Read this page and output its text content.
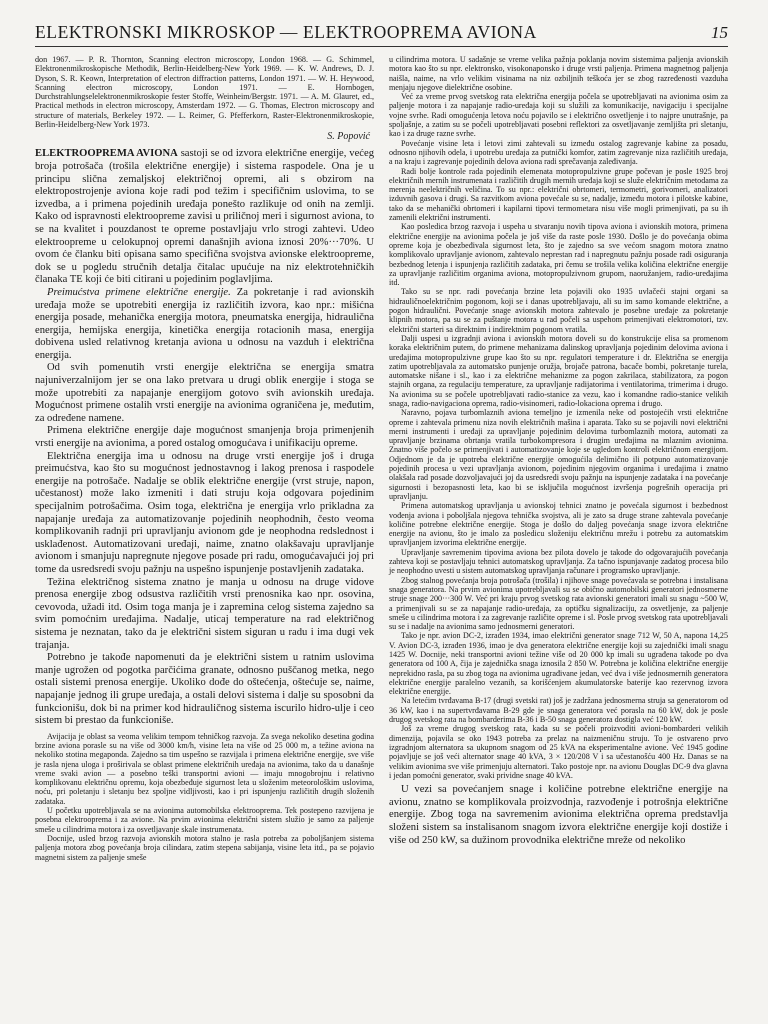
ELEKTRONSKI MIKROSKOP — ELEKTROOPREMA AVIONA	15

don 1967. — P. R. Thornton, Scanning electron microscopy, London 1968. — G. Schimmel, Elektronenmikroskopische Methodik, Berlin-Heidelberg-New York 1969. — K. W. Andrews, D. J. Dyson, S. R. Keown, Interpretation of electron diffraction patterns, London 1971. — W. H. Heywood, Scanning electron microscopy, London 1971. — E. Hornbogen, Durchstrahlungselelektronenmikroskopie fester Stoffe, Weinheim/Bergstr. 1971. — A. M. Glauret, ed., Practical methods in electron microscopy, Amsterdam 1972. — G. Thomas, Electron microscopy and structure of materials, Berkeley 1972. — L. Reimer, G. Pfefferkorn, Raster-Elektronenmikroskopie, Berlin-Heidelberg-New York 1973.

S. Popović

ELEKTROOPREMA AVIONA sastoji se od izvora električne energije, većeg broja potrošača (trošila električne energije) i sistema raspodele. Ona je u principu slična zemaljskoj električnoj opremi, ali s obzirom na elektropostrojenje aviona koje radi pod težim i specifičnim uslovima, to se izvedba, a i primena pojedinih uređaja ponešto razlikuje od onih na zemlji. Kako od ispravnosti elektroopreme zavisi u priličnoj meri i sigurnost aviona, to se na kvalitet i pouzdanost te opreme postavljaju vrlo strogi zahtevi. Udeo elektroopreme u celokupnoj opremi današnjih aviona iznosi 20%···70%. U ovom će članku biti opisana samo specifična svojstva avionske elektroopreme, dok se u pogledu stručnih detalja čitalac upućuje na niz elektrotehničkih članaka TE koji će biti citirani u pojedinim poglavljima.

Preimućstva primene električne energije. Za pokretanje i rad avionskih uređaja može se upotrebiti energija iz različitih izvora, kao npr.: mišićna energija posade, mehanička energija motora, pneumatska energija, hidraulična energija, hemijska energija, kinetička energija rotacionih masa, energija dobivena usled relativnog kretanja aviona u odnosu na vazduh i električna energija.

Od svih pomenutih vrsti energije električna se energija smatra najuniverzalnijom jer se ona lako pretvara u drugi oblik energije i stoga se može upotrebiti za napajanje energijom gotovo svih avionskih uređaja. Mogućnost primene ostalih vrsti energije na avionima ograničena je, međutim, za određene namene.

Primena električne energije daje mogućnost smanjenja broja primenjenih vrsti energije na avionima, a pored ostalog omogućava i unifikaciju opreme.

Električna energija ima u odnosu na druge vrsti energije još i druga preimućstva, kao što su mogućnost jednostavnog i lakog prenosa i raspodele energije na potrošače. Nadalje se oblik električne energije (vrst struje, napon, učestanost) može lako izmeniti i dati struju koja odgovara pojedinim specijalnim potrošačima. Osim toga, električna je energija vrlo prikladna za napajanje uređaja za automatizovanje pojedinih neophodnih, često veoma komplikovanih radnji pri upravljanju avionom gde je neophodna redslednost i usklađenost. Automatizovani uređaji, naime, znatno olakšavaju upravljanje avionom i smanjuju napregnute njegove posade pri radu, omogućavajući joj pri tome da usredsredi svoju pažnju na uspešno ispunjenje postavljenih zadataka.

Težina električnog sistema znatno je manja u odnosu na druge vidove prenosa energije zbog odsustva različitih vrsti prenosnika kao npr. osovina, cevovoda, užadi itd. Osim toga manja je i zapremina celog sistema zajedno sa svim pomoćnim uređajima. Nadalje, uticaj temperature na rad električnog sistema je neznatan, tako da je električni sistem siguran u radu i ima dugi vek trajanja.

Potrebno je takođe napomenuti da je električni sistem u ratnim uslovima manje ugrožen od pogotka parčićima granate, odnosno puščanog metka, nego ostali sistemi prenosa energije. Ukoliko dođe do oštećenja, oštećuje se, naime, napajanje jednog ili grupe uređaja, a ostali delovi sistema i dalje su sposobni da funkcionišu, dok bi na primer kod hidrauličnog sistema iscurilo hidro-ulje i ceo sistem bi prestao da funkcioniše.

Avijacija je oblast sa veoma velikim tempom tehničkog razvoja. Za svega nekoliko desetina godina brzine aviona porasle su na više od 3000 km/h, visine leta na više od 25 000 m, a težine aviona na nekoliko stotina megaponda. Zajedno sa tim uspešno se razvijala i primena električne energije, sve više je rasla njena uloga i proširivala se oblast primene električnih uređaja na avionima, tako da u današnje vreme svaki avion — a posebno teški transportni avioni — imaju mnogobrojnu i relativno komplikovanu električnu opremu, koja obezbeđuje sigurnost leta u složenim meteorološkim uslovima, noću, pri poletanju i sletanju bez spoljne vidljivosti, kao i pri ispunjenju različitih drugih složenih zadataka.

U početku upotrebljavala se na avionima automobilska elektrooprema. Tek postepeno razvijena je posebna elektrooprema i za avione. Na prvim avionima električni sistem služio je samo za paljenje smeše u cilindrima motora i za osvetljavanje skale instrumenata.

Docnije, usled brzog razvoja avionskih motora stalno je rasla potreba za poboljšanjem sistema paljenja motora zbog povećanja broja cilindara, zatim stepena sabijanja, visine leta itd., pa se pojavio magnetni sistem za paljenje smeše

u cilindrima motora. U sadašnje se vreme velika pažnja poklanja novim sistemima paljenja avionskih motora kao što su npr. elektronsko, visokonaponsko i druge vrsti paljenja. Primena magnetnog paljenja naišla, naime, na vrlo velikim visinama na niz ozbiljnih teškoća jer se zbog razređenosti vazduha menjaju njegove dielektrične osobine.

Već za vreme prvog svetskog rata električna energija počela se upotrebljavati na avionima osim za paljenje motora i za napajanje radio-uređaja koji su služili za komunikacije, navigaciju i specijalne vojne svrhe. Radi omogućenja letova noću pojavilo se i električno osvetljenje i to najpre unutrašnje, pa spoljašnje, a zatim su se počeli upotrebljavati posebni reflektori za osvetljavanje zemljišta pri sletanju, kao i za druge razne svrhe.

Povećanje visine leta i letovi zimi zahtevali su između ostalog zagrevanje kabine za posadu, odnosno njihovih odela, i upotrebu uređaja za putnički komfor, zatim zagrevanje niza različitih uređaja, a na kraju i zagrevanje pojedinih delova aviona radi sprečavanja zaleđivanja.

Radi bolje kontrole rada pojedinih elemenata motopropulzivne grupe počevan je posle 1925 broj električnih mernih instrumenata i različitih drugih mernih uređaja koji se služe električnim metodama za merenja neelektričnih veličina. To su npr.: električni obrtomeri, termometri, gorivomeri, analizatori izduvnih gasova i drugi. Sa razvitkom aviona povećale su se, nadalje, između motora i pilotske kabine, tako da se mehanički obrtomeri i kapilarni tipovi termometara nisu više mogli primenjivati, pa su ih zamenili električni instrumenti.

Kao posledica brzog razvoja i uspeha u stvaranju novih tipova aviona i avionskih motora, primena električne energije na avionima počela je još više da raste posle 1930. Došlo je do povećanja obima opreme koja je obezbeđivala sigurnost leta, što je zajedno sa sve većom snagom motora znatno komplikovalo upravljanje avionom, zahtevalo neprestan rad i napregnutu pažnju posade radi osiguranja bezbednog letenja i ispunjenja različitih zadataka, pri čemu se trošila velika količina električne energije za upravljanje različitim organima aviona, motopropulzivnom grupom, naoružanjem, radio-uređajima itd.

Tako su se npr. radi povećanja brzine leta pojavili oko 1935 uvlačeći stajni organi sa hidrauličnoelektričnim pogonom, koji se i danas upotrebljavaju, ali su im samo komande električne, a pogon hidraulični. Povećanje snage avionskih motora zahtevalo je posebne uređaje za pokretanje klipnih motora, pa su se za puštanje motora u rad počeli sa uspehom primenjivati elektromotori, tzv. električni starteri sa direktnim i indirektnim pogonom vratila.

Dalji uspesi u izgradnji aviona i avionskih motora doveli su do konstrukcije elisa sa promenom koraka električnim putem, do primene mehanizama dalinskog upravljanja pojedinim delovima aviona i uređajima motopropulzivne grupe kao što su npr. regulatori temperature i dr. Električna se energija zatim upotrebljavala za automatsko punjenje oružja, brojače patrona, bacače bombi, pokretanje turela, automatske nišane i sl., kao i za električne mehanizme za pogon zakrilaca, stabilizatora, za pogon stajnih organa, za regulaciju temperature, za upravljanje radijatorima i ventilatorima, trimerima i drugo. Na avionima su se počele upotrebljavati radio-stanice za vezu, kao i komandne radio-stanice velikih snaga, radio-navigaciona oprema, radio-visinomeri, radio-lokaciona oprema i drugo.

Naravno, pojava turbomlaznih aviona temeljno je izmenila neke od postojećih vrsti električne opreme i zahtevala primenu niza novih električnih mašina i aparata. Tako su se pojavili novi električni merni instrumenti i uređaji za upravljanje pojedinim delovima turbomlaznih motora, automati za upravljanje brzinama obrtanja vratila turbokompresora i drugim uređajima na mlaznim avionima. Znatno više počelo se primenjivati i automatizovanje koje se ugledom kontroli električnom energijom. Odjednom je da je upotreba električne energije omogućila delimično ili potpuno automatizovanje pojedinih procesa u vezi upravljanja avionom, pojedinim njegovim organima i uređajima i znatno olakšala rad posade dozvoljavajući joj da usredsredi svoju pažnju na ispunjenje zadataka i na povećanje sigurnosti i bezopasnosti leta, kao bi se isključila mogućnost izvršenja pogrešnih operacija pri upravljanju.

Primena automatskog upravljanja u avionskoj tehnici znatno je povećala sigurnost i bezbednost vođenja aviona i poboljšala njegova tehnička svojstva, ali je zato sa druge strane zahtevala povećanje količine potrebne električne energije. Stoga je došlo do daljeg povećanja snage izvora električne energije na avionu, što je imalo za posledicu složeniju električnu mrežu i potrebu za automatskim upravljanjem izvorima električne energije.

Upravljanje savremenim tipovima aviona bez pilota dovelo je takođe do odgovarajućih povećanja zahteva koji se postavljaju tehnici automatskog upravljanja. Za tačno ispunjavanje zadatog procesa bilo je neophodno uvesti u sistem automatskog upravljanja računare i programsko upravljanje.

Zbog stalnog povećanja broja potrošača (trošila) i njihove snage povećavala se potrebna i instalisana snaga generatora. Na prvim avionima upotrebljavali su se obično automobilski generatori jednosmerne struje snage 200···300 W. Već pri kraju prvog svetskog rata avionski generatori imali su snagu ~500 W, a primenjivali su se za napajanje radio-uređaja, za optičku signalizaciju, za osvetljenje, za paljenje smeše u cilindrima motora i za zagrevanje različite opreme i sl. Posle prvog svetskog rata upotrebljavali su se i nadalje na avionima samo jednosmerni generatori.

Tako je npr. avion DC-2, izrađen 1934, imao električni generator snage 712 W, 50 A, napona 14,25 V. Avion DC-3, izrađen 1936, imao je dva generatora električne energije koji su zajednički imali snagu 1425 W. Docnije, neki transportni avioni težine više od 20 000 kp imali su ugrađena takođe po dva generatora od 100 A, čija je zajednička snaga iznosila 2 850 W. Potrebna je količina električne energije neprekidno rasla, pa su zbog toga na avionima ugrađivane jedan, već dva i više jednosmernih generatora električne energije paralelno vezanih, sa korišćenjem akumulatorske baterije kao rezervnog izvora električne energije.

Na letećim tvrđavama B-17 (drugi svetski rat) još je zadržana jednosmerna struja sa generatorom od 36 kW, kao i na supertvrđavama B-29 gde je snaga generatora već porasla na 60 kW, dok je posle drugog svetskog rata na bombarderima B-36 i B-50 snaga generatora dostigla već 120 kW.

Još za vreme drugog svetskog rata, kada su se počeli proizvoditi avioni-bombarderi velikih dimenzija, pojavila se oko 1943 potreba za prelaz na naizmeničnu struju. To je ostvareno prvo izgradnjom alternatora sa ukupnom snagom od 25 kVA na eksperimentalne avione. Već 1945 godine pojavljuje se još veći alternator snage 40 kVA, 3 × 120/208 V i sa učestanošću 400 Hz. Danas se na velikim avionima sve više primenjuju alternatori. Tako postoje npr. na avionu Douglas DC-9 dva glavna i jedan pomoćni generator, svaki prividne snage 40 kVA.

U vezi sa povećanjem snage i količine potrebne električne energije na avionu, znatno se komplikovala proizvodnja, razvođenje i potrošnja električne energije. Zbog toga na savremenim avionima električna oprema predstavlja složeni sistem sa instalisanom snagom izvora električne energije koji dostiže i više od 250 kW, sa dužinom provodnika električne mreže od nekoliko
